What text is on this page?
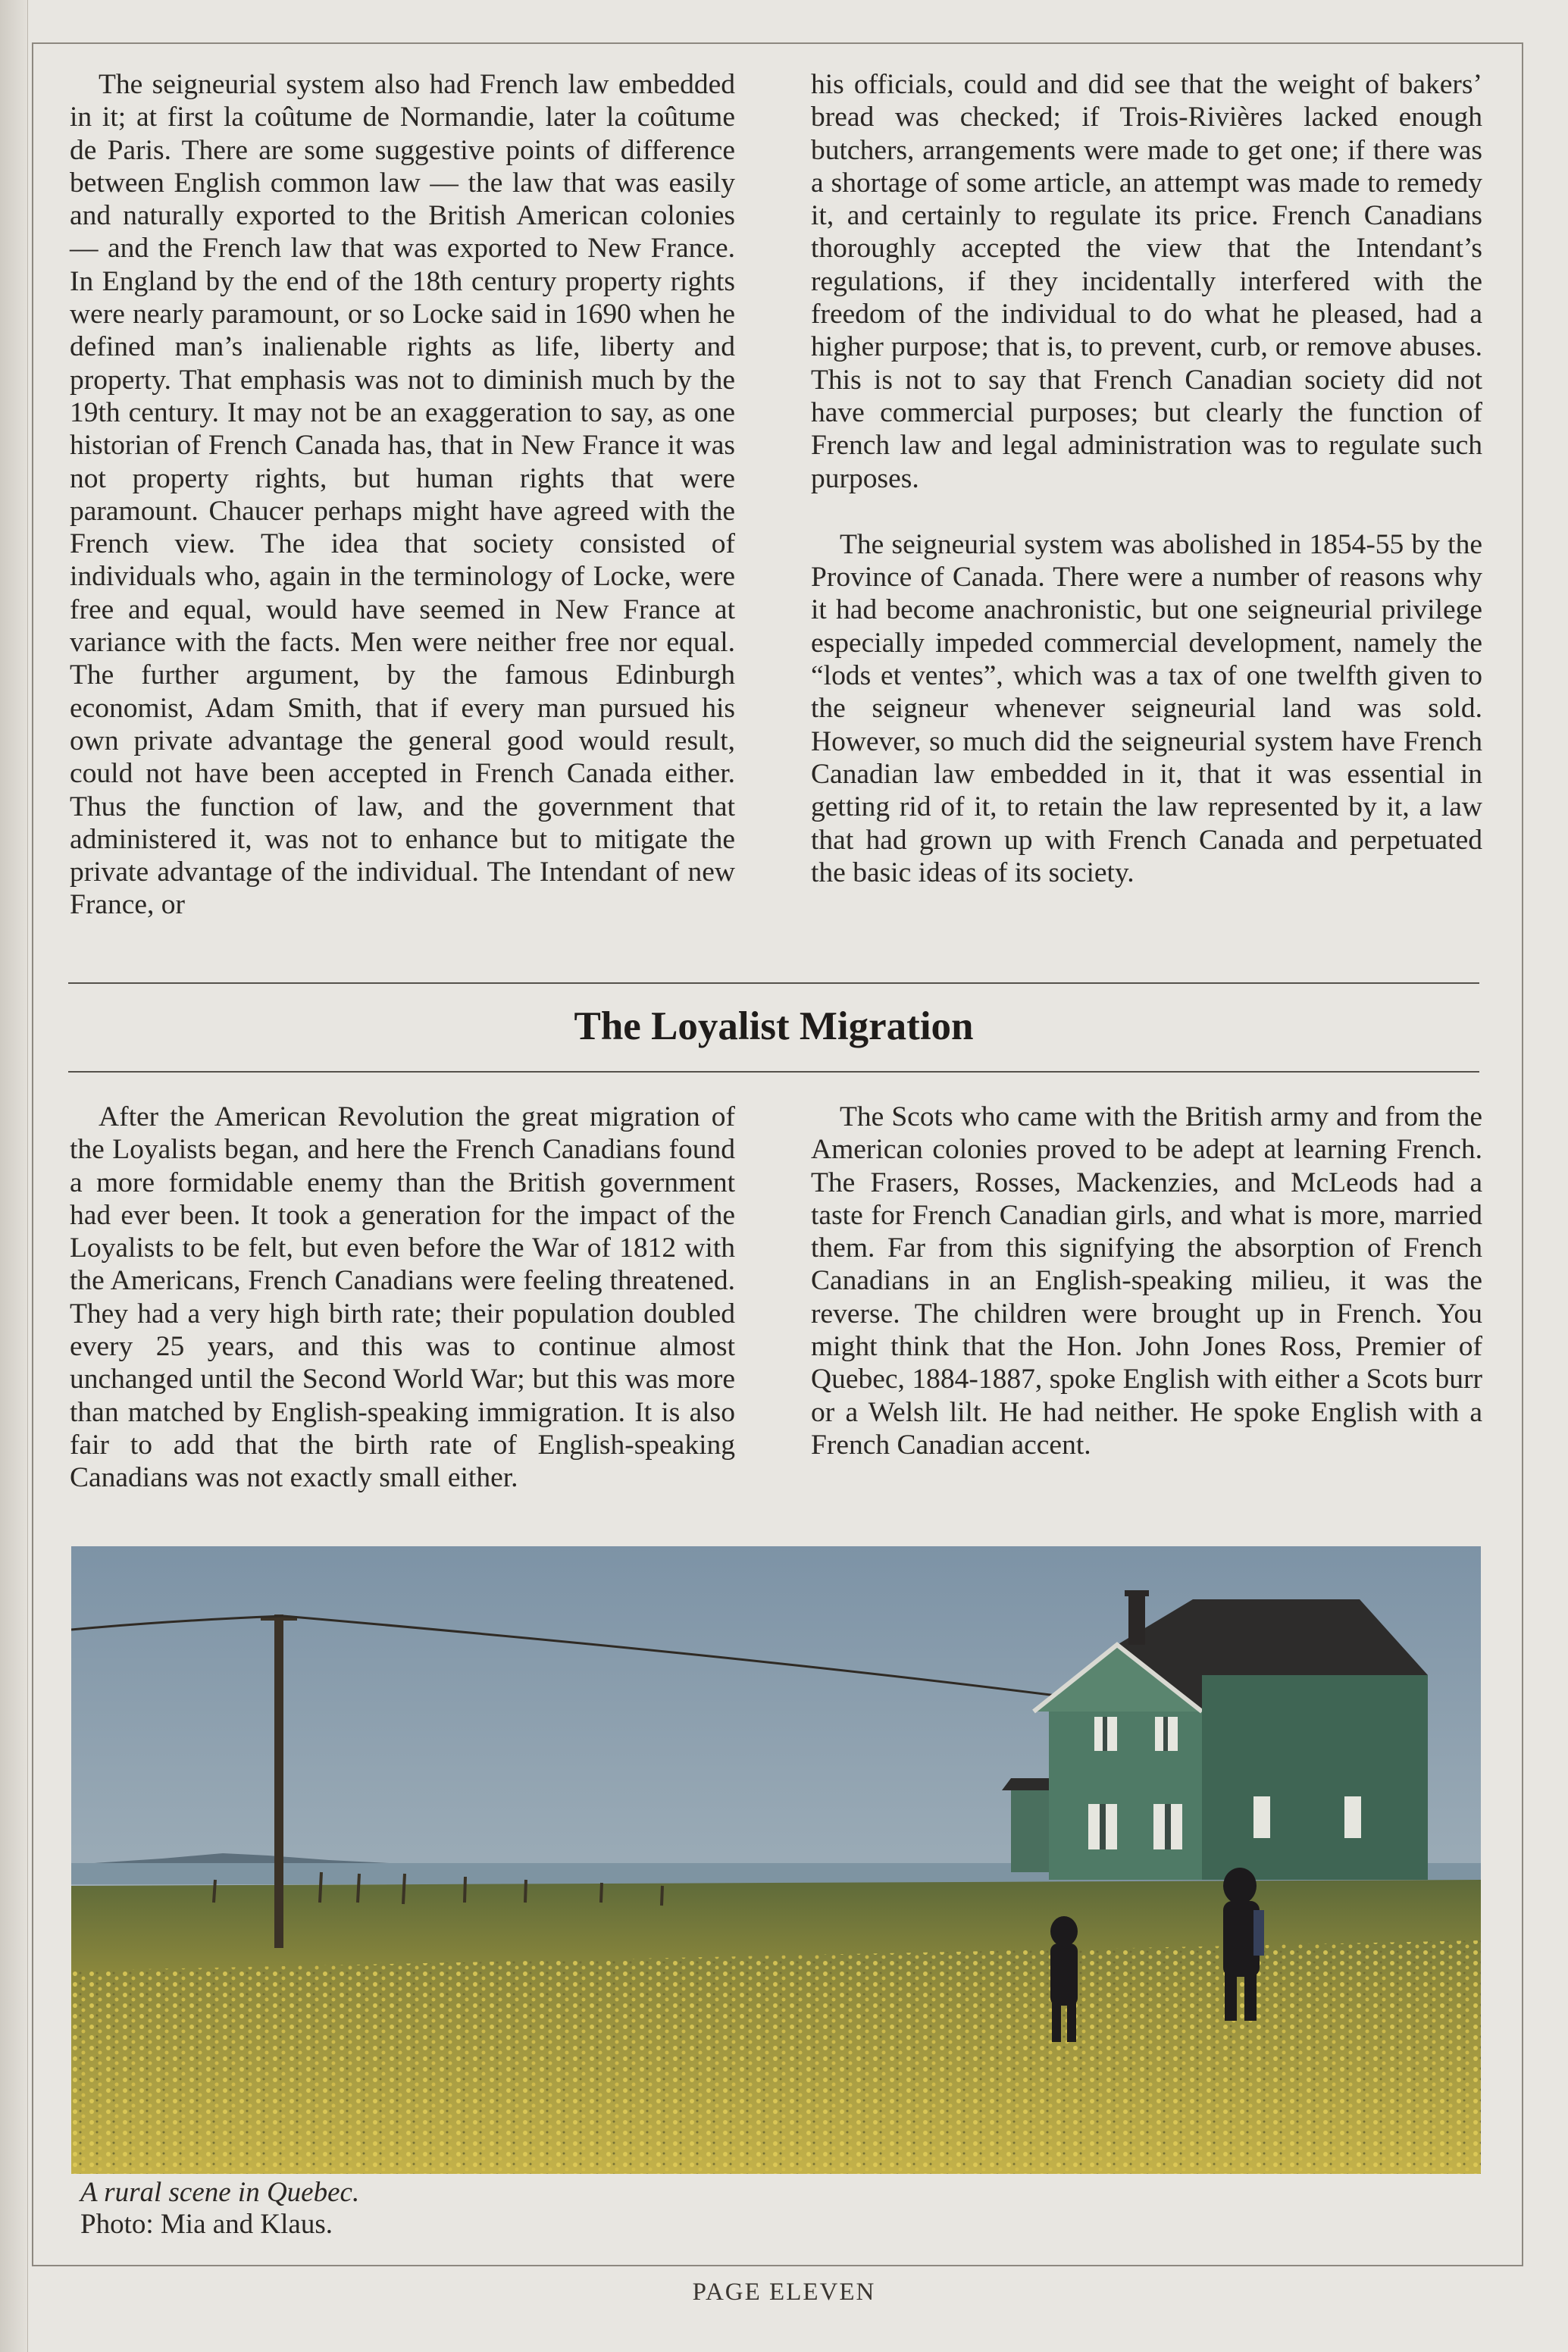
The seigneurial system also had French law embedded in it; at first la coûtume de Normandie, later la coûtume de Paris. There are some suggestive points of difference between English common law — the law that was easily and naturally exported to the British American colonies — and the French law that was exported to New France. In England by the end of the 18th century property rights were nearly paramount, or so Locke said in 1690 when he defined man’s inalienable rights as life, liberty and property. That emphasis was not to diminish much by the 19th century. It may not be an exaggeration to say, as one historian of French Canada has, that in New France it was not property rights, but human rights that were paramount. Chaucer perhaps might have agreed with the French view. The idea that society consisted of individuals who, again in the terminology of Locke, were free and equal, would have seemed in New France at variance with the facts. Men were neither free nor equal. The further argument, by the famous Edinburgh economist, Adam Smith, that if every man pursued his own private advantage the general good would result, could not have been accepted in French Canada either. Thus the function of law, and the government that administered it, was not to enhance but to mitigate the private advantage of the individual. The Intendant of new France, or

his officials, could and did see that the weight of bakers’ bread was checked; if Trois-Rivières lacked enough butchers, arrangements were made to get one; if there was a shortage of some article, an attempt was made to remedy it, and certainly to regulate its price. French Canadians thoroughly accepted the view that the Intendant’s regulations, if they incidentally interfered with the freedom of the individual to do what he pleased, had a higher purpose; that is, to prevent, curb, or remove abuses. This is not to say that French Canadian society did not have commercial purposes; but clearly the function of French law and legal administration was to regulate such purposes.

The seigneurial system was abolished in 1854-55 by the Province of Canada. There were a number of reasons why it had become anachronistic, but one seigneurial privilege especially impeded commercial development, namely the “lods et ventes”, which was a tax of one twelfth given to the seigneur whenever seigneurial land was sold. However, so much did the seigneurial system have French Canadian law embedded in it, that it was essential in getting rid of it, to retain the law represented by it, a law that had grown up with French Canada and perpetuated the basic ideas of its society.

The Loyalist Migration

After the American Revolution the great migration of the Loyalists began, and here the French Canadians found a more formidable enemy than the British government had ever been. It took a generation for the impact of the Loyalists to be felt, but even before the War of 1812 with the Americans, French Canadians were feeling threatened. They had a very high birth rate; their population doubled every 25 years, and this was to continue almost unchanged until the Second World War; but this was more than matched by English-speaking immigration. It is also fair to add that the birth rate of English-speaking Canadians was not exactly small either.

The Scots who came with the British army and from the American colonies proved to be adept at learning French. The Frasers, Rosses, Mackenzies, and McLeods had a taste for French Canadian girls, and what is more, married them. Far from this signifying the absorption of French Canadians in an English-speaking milieu, it was the reverse. The children were brought up in French. You might think that the Hon. John Jones Ross, Premier of Quebec, 1884-1887, spoke English with either a Scots burr or a Welsh lilt. He had neither. He spoke English with a French Canadian accent.

A rural scene in Quebec.
Photo: Mia and Klaus.
PAGE ELEVEN
